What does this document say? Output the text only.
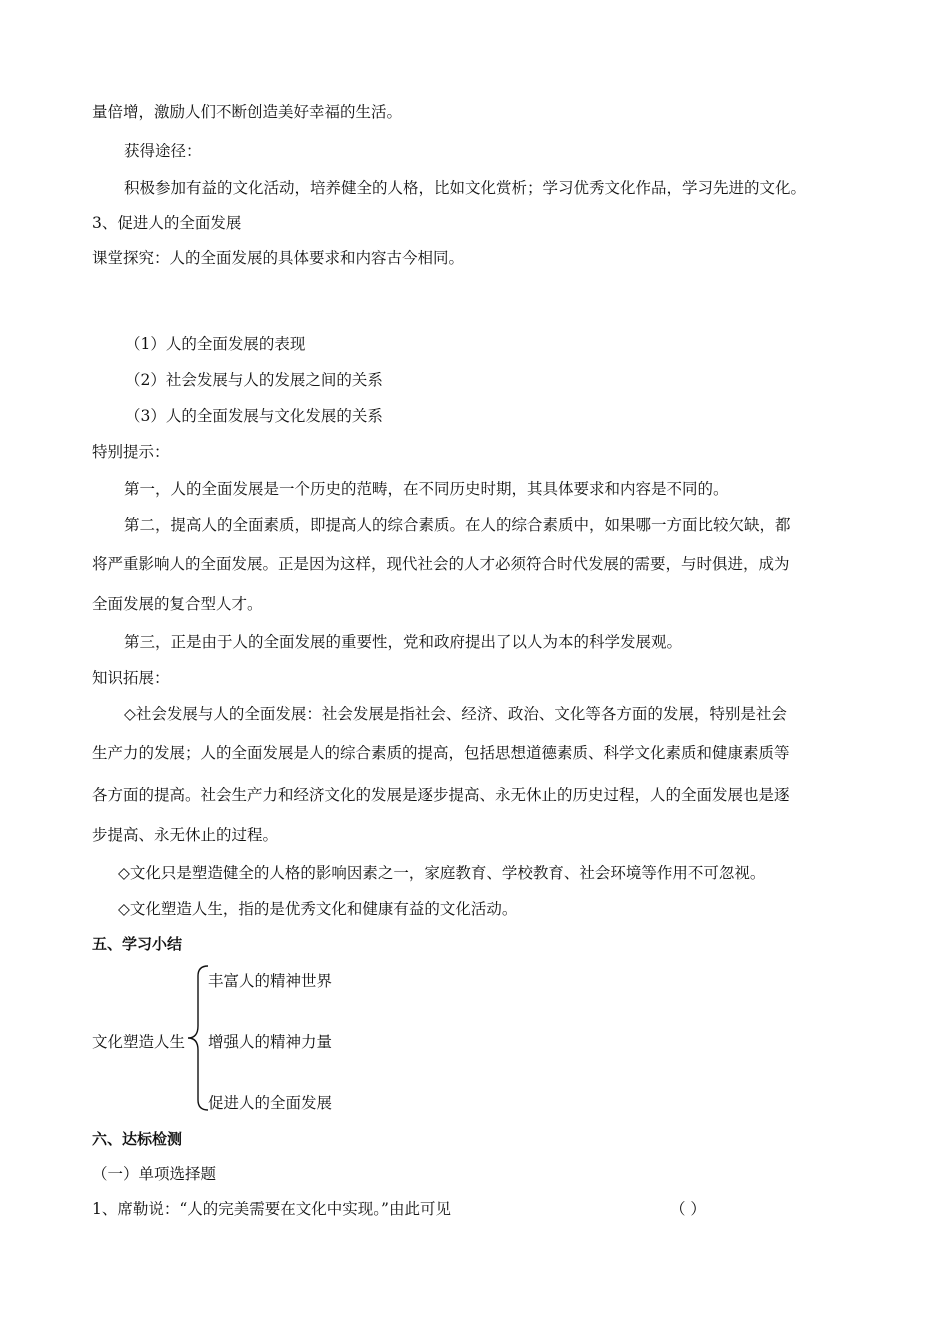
量倍增，激励人们不断创造美好幸福的生活。
获得途径：
积极参加有益的文化活动，培养健全的人格，比如文化赏析；学习优秀文化作品，学习先进的文化。
3、促进人的全面发展
课堂探究：人的全面发展的具体要求和内容古今相同。
（1）人的全面发展的表现
（2）社会发展与人的发展之间的关系
（3）人的全面发展与文化发展的关系
特别提示：
第一，人的全面发展是一个历史的范畴，在不同历史时期，其具体要求和内容是不同的。
第二，提高人的全面素质，即提高人的综合素质。在人的综合素质中，如果哪一方面比较欠缺，都
将严重影响人的全面发展。正是因为这样，现代社会的人才必须符合时代发展的需要，与时俱进，成为
全面发展的复合型人才。
第三，正是由于人的全面发展的重要性，党和政府提出了以人为本的科学发展观。
知识拓展：
◇社会发展与人的全面发展：社会发展是指社会、经济、政治、文化等各方面的发展，特别是社会
生产力的发展；人的全面发展是人的综合素质的提高，包括思想道德素质、科学文化素质和健康素质等
各方面的提高。社会生产力和经济文化的发展是逐步提高、永无休止的历史过程，人的全面发展也是逐
步提高、永无休止的过程。
◇文化只是塑造健全的人格的影响因素之一，家庭教育、学校教育、社会环境等作用不可忽视。
◇文化塑造人生，指的是优秀文化和健康有益的文化活动。
五、学习小结
文化塑造人生
丰富人的精神世界
增强人的精神力量
促进人的全面发展
六、达标检测
（一）单项选择题
1、席勒说：“人的完美需要在文化中实现。”由此可见	（ ）
